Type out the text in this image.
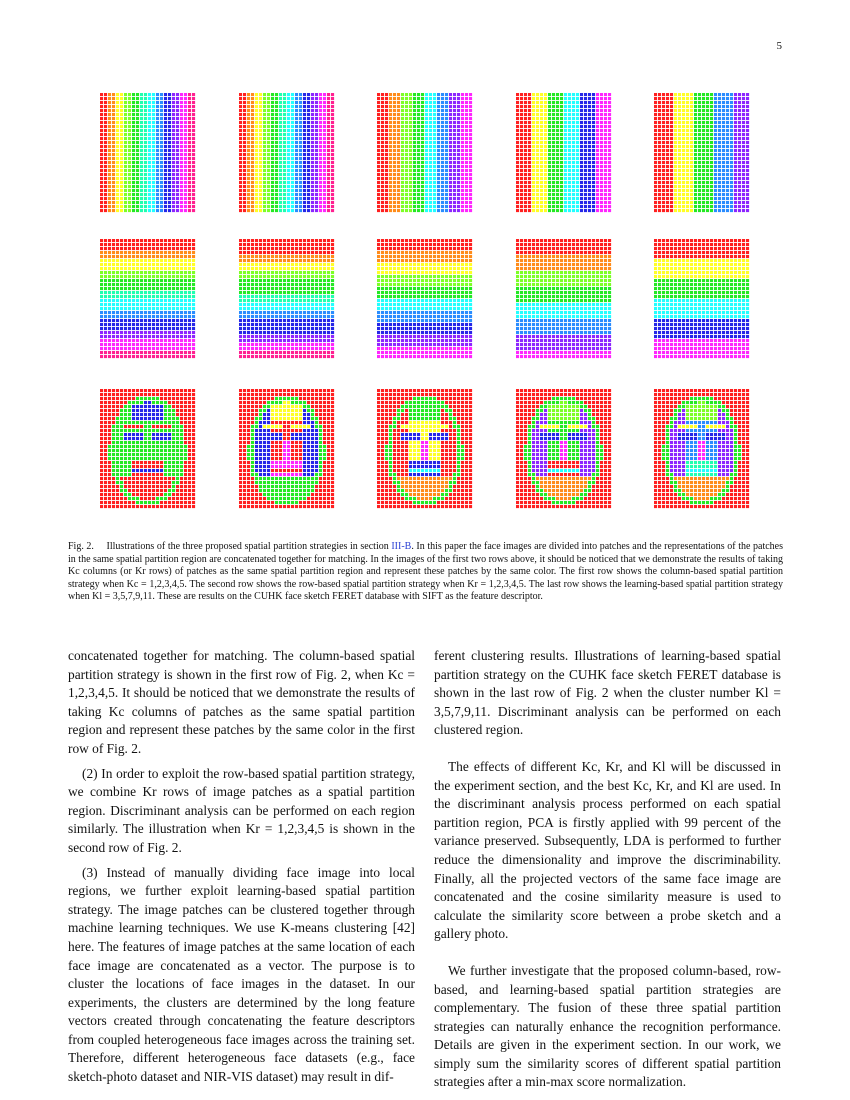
5
Fig. 2. Illustrations of the three proposed spatial partition strategies in section III-B. In this paper the face images are divided into patches and the representations of the patches in the same spatial partition region are concatenated together for matching. In the images of the first two rows above, it should be noticed that we demonstrate the results of taking Kc columns (or Kr rows) of patches as the same spatial partition region and represent these patches by the same color. The first row shows the column-based spatial partition strategy when Kc = 1,2,3,4,5. The second row shows the row-based spatial partition strategy when Kr = 1,2,3,4,5. The last row shows the learning-based spatial partition strategy when Kl = 3,5,7,9,11. These are results on the CUHK face sketch FERET database with SIFT as the feature descriptor.

concatenated together for matching. The column-based spatial partition strategy is shown in the first row of Fig. 2, when Kc = 1,2,3,4,5. It should be noticed that we demonstrate the results of taking Kc columns of patches as the same spatial partition region and represent these patches by the same color in the first row of Fig. 2.

(2) In order to exploit the row-based spatial partition strategy, we combine Kr rows of image patches as a spatial partition region. Discriminant analysis can be performed on each region similarly. The illustration when Kr = 1,2,3,4,5 is shown in the second row of Fig. 2.

(3) Instead of manually dividing face image into local regions, we further exploit learning-based spatial partition strategy. The image patches can be clustered together through machine learning techniques. We use K-means clustering [42] here. The features of image patches at the same location of each face image are concatenated as a vector. The purpose is to cluster the locations of face images in the dataset. In our experiments, the clusters are determined by the long feature vectors created through concatenating the feature descriptors from coupled heterogeneous face images across the training set. Therefore, different heterogeneous face datasets (e.g., face sketch-photo dataset and NIR-VIS dataset) may result in dif-

ferent clustering results. Illustrations of learning-based spatial partition strategy on the CUHK face sketch FERET database is shown in the last row of Fig. 2 when the cluster number Kl = 3,5,7,9,11. Discriminant analysis can be performed on each clustered region.

The effects of different Kc, Kr, and Kl will be discussed in the experiment section, and the best Kc, Kr, and Kl are used. In the discriminant analysis process performed on each spatial partition region, PCA is firstly applied with 99 percent of the variance preserved. Subsequently, LDA is performed to further reduce the dimensionality and improve the discriminability. Finally, all the projected vectors of the same face image are concatenated and the cosine similarity measure is used to calculate the similarity score between a probe sketch and a gallery photo.

We further investigate that the proposed column-based, row-based, and learning-based spatial partition strategies are complementary. The fusion of these three spatial partition strategies can naturally enhance the recognition performance. Details are given in the experiment section. In our work, we simply sum the similarity scores of different spatial partition strategies after a min-max score normalization.
